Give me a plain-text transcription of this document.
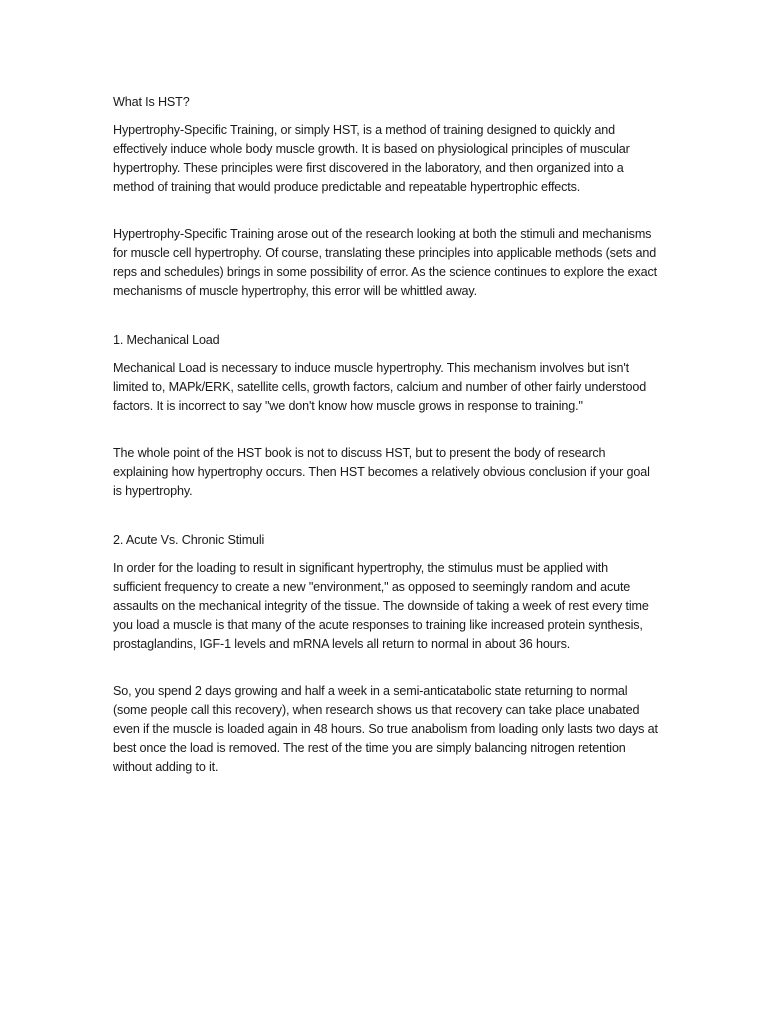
What Is HST?

Hypertrophy-Specific Training, or simply HST, is a method of training designed to quickly and effectively induce whole body muscle growth. It is based on physiological principles of muscular hypertrophy. These principles were first discovered in the laboratory, and then organized into a method of training that would produce predictable and repeatable hypertrophic effects.

Hypertrophy-Specific Training arose out of the research looking at both the stimuli and mechanisms for muscle cell hypertrophy. Of course, translating these principles into applicable methods (sets and reps and schedules) brings in some possibility of error. As the science continues to explore the exact mechanisms of muscle hypertrophy, this error will be whittled away.

1. Mechanical Load

Mechanical Load is necessary to induce muscle hypertrophy. This mechanism involves but isn't limited to, MAPk/ERK, satellite cells, growth factors, calcium and number of other fairly understood factors. It is incorrect to say "we don't know how muscle grows in response to training."

The whole point of the HST book is not to discuss HST, but to present the body of research explaining how hypertrophy occurs. Then HST becomes a relatively obvious conclusion if your goal is hypertrophy.

2. Acute Vs. Chronic Stimuli

In order for the loading to result in significant hypertrophy, the stimulus must be applied with sufficient frequency to create a new "environment," as opposed to seemingly random and acute assaults on the mechanical integrity of the tissue. The downside of taking a week of rest every time you load a muscle is that many of the acute responses to training like increased protein synthesis, prostaglandins, IGF-1 levels and mRNA levels all return to normal in about 36 hours.

So, you spend 2 days growing and half a week in a semi-anticatabolic state returning to normal (some people call this recovery), when research shows us that recovery can take place unabated even if the muscle is loaded again in 48 hours. So true anabolism from loading only lasts two days at best once the load is removed. The rest of the time you are simply balancing nitrogen retention without adding to it.
